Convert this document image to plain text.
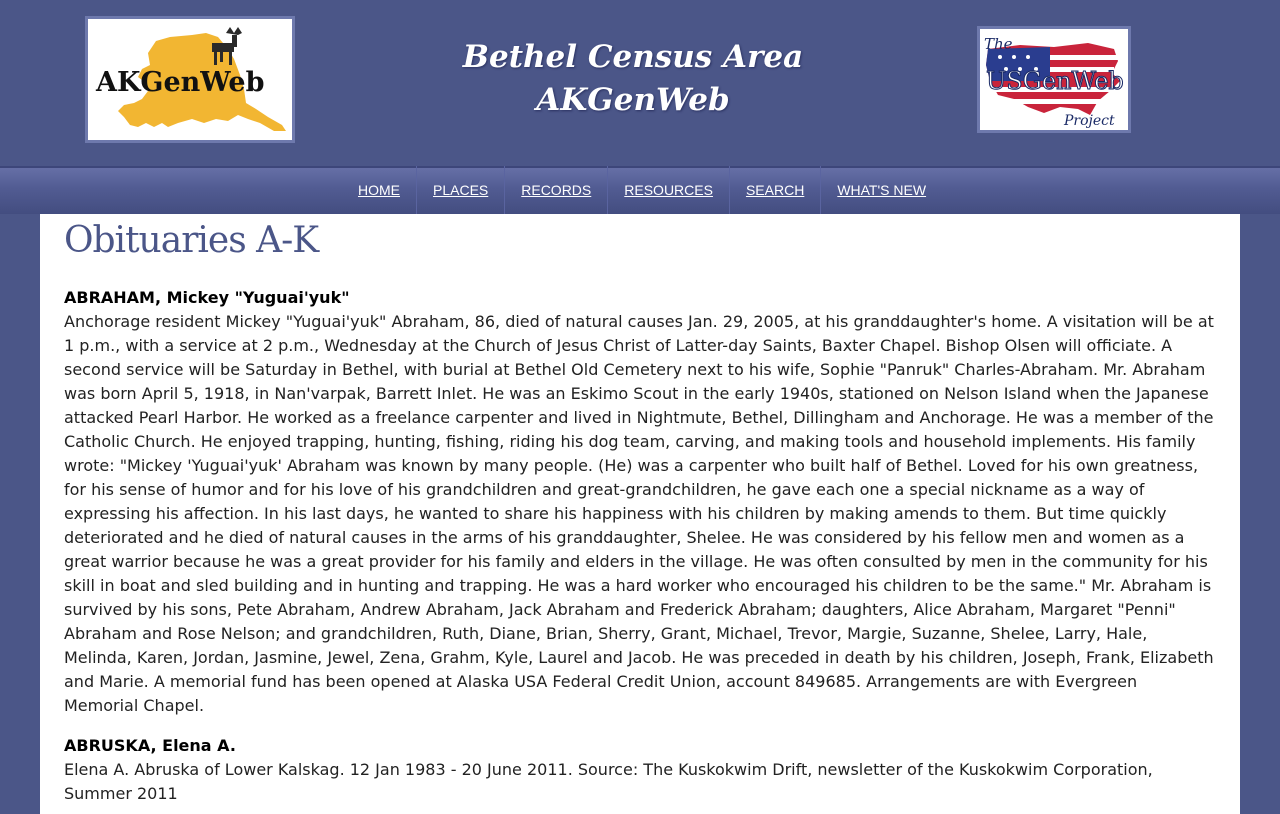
AKGenWeb
Bethel Census Area
AKGenWeb
The
USGenWeb
Project
HOME	PLACES	RECORDS	RESOURCES	SEARCH	WHAT'S NEW
Obituaries A-K
ABRAHAM, Mickey "Yuguai'yuk"
Anchorage resident Mickey "Yuguai'yuk" Abraham, 86, died of natural causes Jan. 29, 2005, at his granddaughter's home. A visitation will be at 1 p.m., with a service at 2 p.m., Wednesday at the Church of Jesus Christ of Latter-day Saints, Baxter Chapel. Bishop Olsen will officiate. A second service will be Saturday in Bethel, with burial at Bethel Old Cemetery next to his wife, Sophie "Panruk" Charles-Abraham. Mr. Abraham was born April 5, 1918, in Nan'varpak, Barrett Inlet. He was an Eskimo Scout in the early 1940s, stationed on Nelson Island when the Japanese attacked Pearl Harbor. He worked as a freelance carpenter and lived in Nightmute, Bethel, Dillingham and Anchorage. He was a member of the Catholic Church. He enjoyed trapping, hunting, fishing, riding his dog team, carving, and making tools and household implements. His family wrote: "Mickey 'Yuguai'yuk' Abraham was known by many people. (He) was a carpenter who built half of Bethel. Loved for his own greatness, for his sense of humor and for his love of his grandchildren and great-grandchildren, he gave each one a special nickname as a way of expressing his affection. In his last days, he wanted to share his happiness with his children by making amends to them. But time quickly deteriorated and he died of natural causes in the arms of his granddaughter, Shelee. He was considered by his fellow men and women as a great warrior because he was a great provider for his family and elders in the village. He was often consulted by men in the community for his skill in boat and sled building and in hunting and trapping. He was a hard worker who encouraged his children to be the same." Mr. Abraham is survived by his sons, Pete Abraham, Andrew Abraham, Jack Abraham and Frederick Abraham; daughters, Alice Abraham, Margaret "Penni" Abraham and Rose Nelson; and grandchildren, Ruth, Diane, Brian, Sherry, Grant, Michael, Trevor, Margie, Suzanne, Shelee, Larry, Hale, Melinda, Karen, Jordan, Jasmine, Jewel, Zena, Grahm, Kyle, Laurel and Jacob. He was preceded in death by his children, Joseph, Frank, Elizabeth and Marie. A memorial fund has been opened at Alaska USA Federal Credit Union, account 849685. Arrangements are with Evergreen Memorial Chapel.
ABRUSKA, Elena A.
Elena A. Abruska of Lower Kalskag. 12 Jan 1983 - 20 June 2011. Source: The Kuskokwim Drift, newsletter of the Kuskokwim Corporation, Summer 2011
